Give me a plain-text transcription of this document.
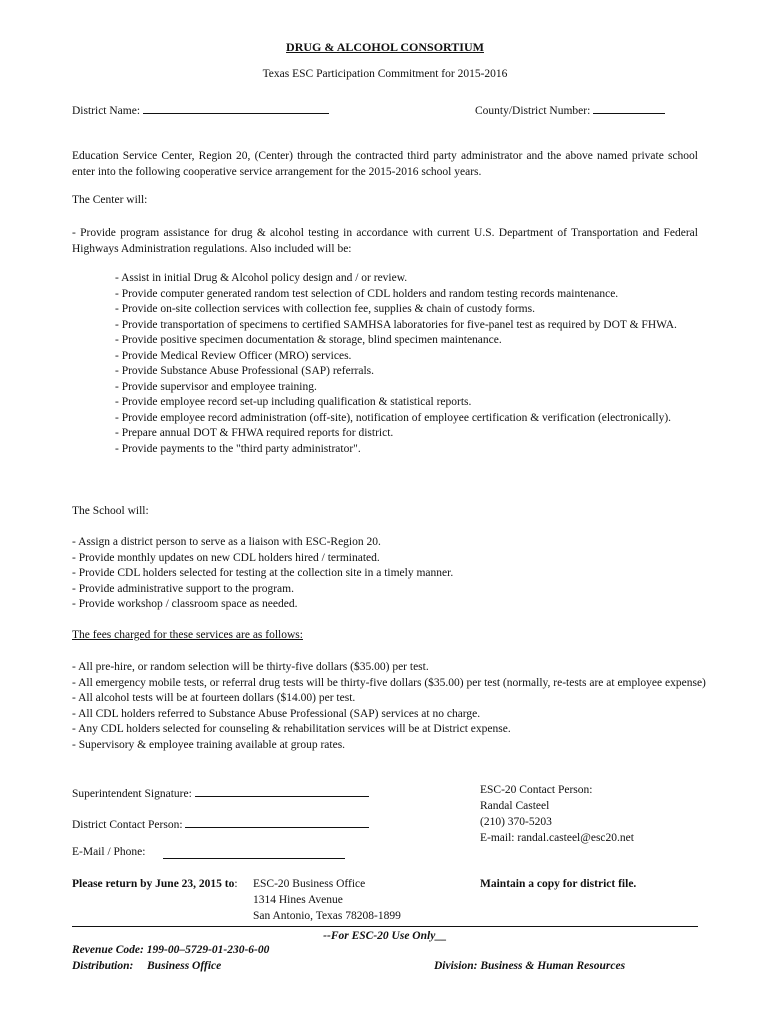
DRUG & ALCOHOL CONSORTIUM
Texas ESC Participation Commitment for 2015-2016
District Name:	County/District Number:
Education Service Center, Region 20, (Center) through the contracted third party administrator and the above named private school enter into the following cooperative service arrangement for the 2015-2016 school years.
The Center will:
- Provide program assistance for drug & alcohol testing in accordance with current U.S. Department of Transportation and Federal Highways Administration regulations. Also included will be:
- Assist in initial Drug & Alcohol policy design and / or review.
- Provide computer generated random test selection of CDL holders and random testing records maintenance.
- Provide on-site collection services with collection fee, supplies & chain of custody forms.
- Provide transportation of specimens to certified SAMHSA laboratories for five-panel test as required by DOT & FHWA.
- Provide positive specimen documentation & storage, blind specimen maintenance.
- Provide Medical Review Officer (MRO) services.
- Provide Substance Abuse Professional (SAP) referrals.
- Provide supervisor and employee training.
- Provide employee record set-up including qualification & statistical reports.
- Provide employee record administration (off-site), notification of employee certification & verification (electronically).
- Prepare annual DOT & FHWA required reports for district.
- Provide payments to the "third party administrator".
The School will:
- Assign a district person to serve as a liaison with ESC-Region 20.
- Provide monthly updates on new CDL holders hired / terminated.
- Provide CDL holders selected for testing at the collection site in a timely manner.
- Provide administrative support to the program.
- Provide workshop / classroom space as needed.
The fees charged for these services are as follows:
- All pre-hire, or random selection will be thirty-five dollars ($35.00) per test.
- All emergency mobile tests, or referral drug tests will be thirty-five dollars ($35.00) per test (normally, re-tests are at employee expense)
- All alcohol tests will be at fourteen dollars ($14.00) per test.
- All CDL holders referred to Substance Abuse Professional (SAP) services at no charge.
- Any CDL holders selected for counseling & rehabilitation services will be at District expense.
- Supervisory & employee training available at group rates.
Superintendent Signature:
District Contact Person:
E-Mail / Phone:
ESC-20 Contact Person:
Randal Casteel
(210) 370-5203
E-mail: randal.casteel@esc20.net
Please return by June 23, 2015 to: ESC-20 Business Office
1314 Hines Avenue
San Antonio, Texas 78208-1899
Maintain a copy for district file.
--For ESC-20 Use Only__
Revenue Code: 199-00–5729-01-230-6-00
Distribution: Business Office	Division: Business & Human Resources
